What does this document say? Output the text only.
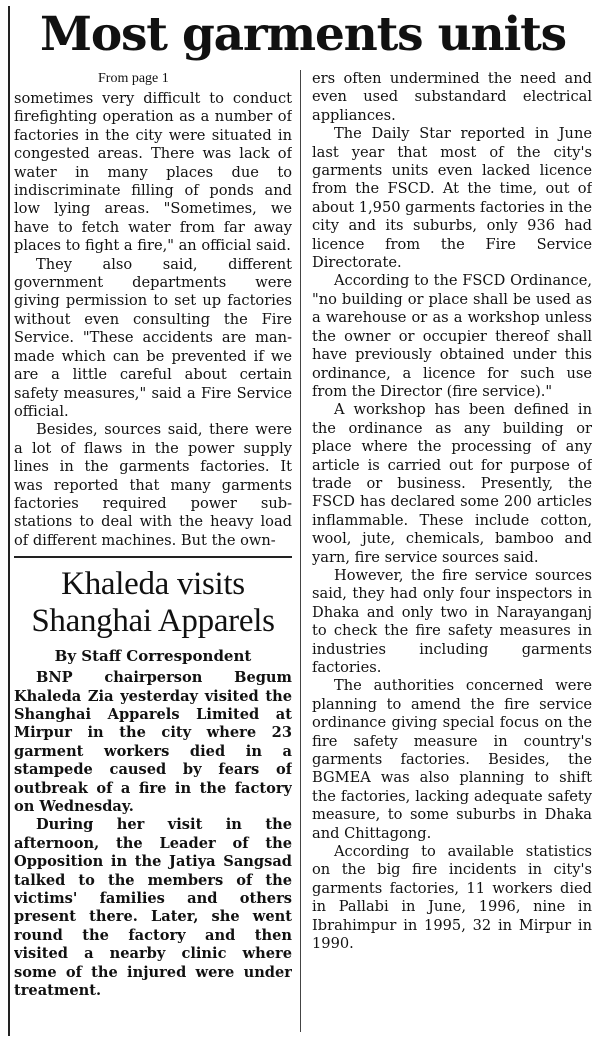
Most garments units
From page 1

sometimes very difficult to conduct firefighting operation as a number of factories in the city were situated in congested areas. There was lack of water in many places due to indiscriminate filling of ponds and low lying areas. "Sometimes, we have to fetch water from far away places to fight a fire," an official said.

They also said, different government departments were giving permission to set up factories without even consulting the Fire Service. "These accidents are man-made which can be prevented if we are a little careful about certain safety measures," said a Fire Service official.

Besides, sources said, there were a lot of flaws in the power supply lines in the garments factories. It was reported that many garments factories required power sub-stations to deal with the heavy load of different machines. But the own-

Khaleda visits Shanghai Apparels
By Staff Correspondent

BNP chairperson Begum Khaleda Zia yesterday visited the Shanghai Apparels Limited at Mirpur in the city where 23 garment workers died in a stampede caused by fears of outbreak of a fire in the factory on Wednesday.

During her visit in the afternoon, the Leader of the Opposition in the Jatiya Sangsad talked to the members of the victims' families and others present there. Later, she went round the factory and then visited a nearby clinic where some of the injured were under treatment.

ers often undermined the need and even used substandard electrical appliances.

The Daily Star reported in June last year that most of the city's garments units even lacked licence from the FSCD. At the time, out of about 1,950 garments factories in the city and its suburbs, only 936 had licence from the Fire Service Directorate.

According to the FSCD Ordinance, "no building or place shall be used as a warehouse or as a workshop unless the owner or occupier thereof shall have previously obtained under this ordinance, a licence for such use from the Director (fire service)."

A workshop has been defined in the ordinance as any building or place where the processing of any article is carried out for purpose of trade or business. Presently, the FSCD has declared some 200 articles inflammable. These include cotton, wool, jute, chemicals, bamboo and yarn, fire service sources said.

However, the fire service sources said, they had only four inspectors in Dhaka and only two in Narayanganj to check the fire safety measures in industries including garments factories.

The authorities concerned were planning to amend the fire service ordinance giving special focus on the fire safety measure in country's garments factories. Besides, the BGMEA was also planning to shift the factories, lacking adequate safety measure, to some suburbs in Dhaka and Chittagong.

According to available statistics on the big fire incidents in city's garments factories, 11 workers died in Pallabi in June, 1996, nine in Ibrahimpur in 1995, 32 in Mirpur in 1990.
